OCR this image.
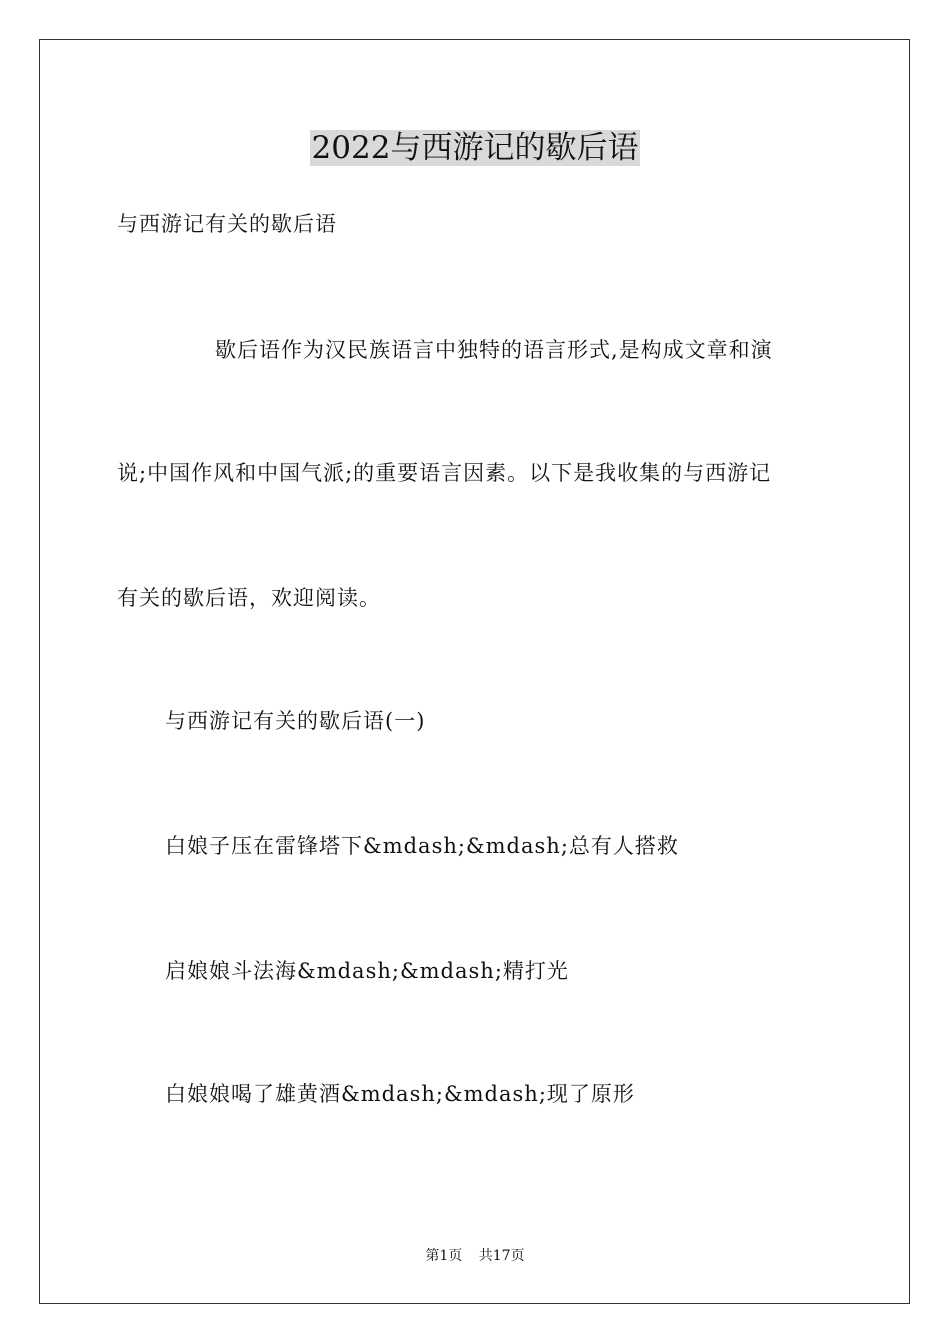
2022与西游记的歇后语

与西游记有关的歇后语

歇后语作为汉民族语言中独特的语言形式,是构成文章和演

说;中国作风和中国气派;的重要语言因素。以下是我收集的与西游记

有关的歇后语，欢迎阅读。

与西游记有关的歇后语(一)

白娘子压在雷锋塔下&mdash;&mdash;总有人搭救

启娘娘斗法海&mdash;&mdash;精打光

白娘娘喝了雄黄酒&mdash;&mdash;现了原形

第1页 共17页
